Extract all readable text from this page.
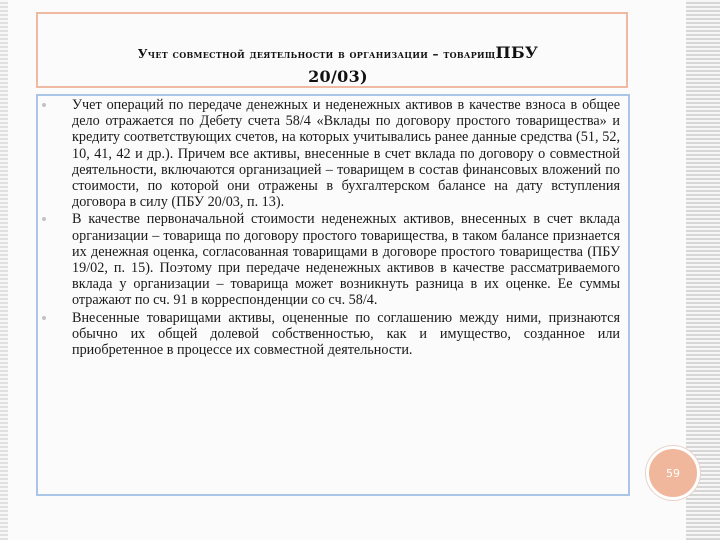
Учет совместной деятельности в организации – товарищПБУ
20/03)
Учет операций по передаче денежных и неденежных активов в качестве взноса в общее дело отражается по Дебету счета 58/4 «Вклады по договору простого товарищества» и кредиту соответствующих счетов, на которых учитывались ранее данные средства (51, 52, 10, 41, 42 и др.). Причем все активы, внесенные в счет вклада по договору о совместной деятельности, включаются организацией – товарищем в состав финансовых вложений по стоимости, по которой они отражены в бухгалтерском балансе на дату вступления договора в силу (ПБУ 20/03, п. 13).
В качестве первоначальной стоимости неденежных активов, внесенных в счет вклада организации – товарища по договору простого товарищества, в таком балансе признается их денежная оценка, согласованная товарищами в договоре простого товарищества (ПБУ 19/02, п. 15). Поэтому при передаче неденежных активов в качестве рассматриваемого вклада у организации – товарища может возникнуть разница в их оценке. Ее суммы отражают по сч. 91 в корреспонденции со сч. 58/4.
Внесенные товарищами активы, оцененные по соглашению между ними, признаются обычно их общей долевой собственностью, как и имущество, созданное или приобретенное в процессе их совместной деятельности.
59
